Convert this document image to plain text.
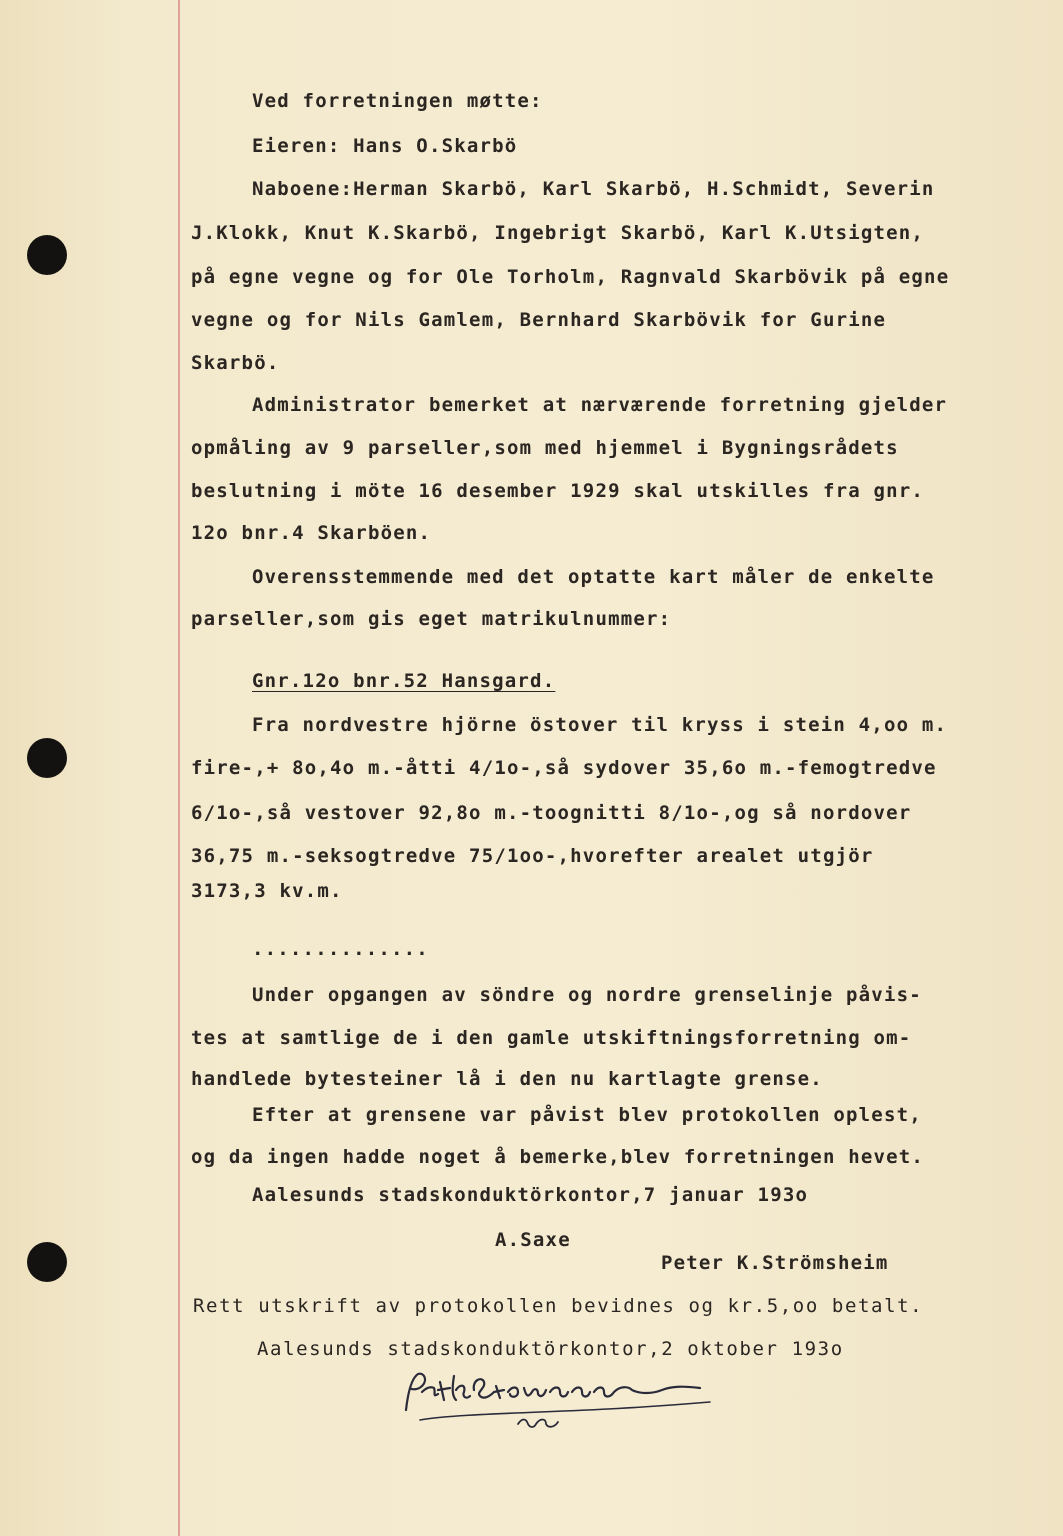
Ved forretningen møtte:
Eieren: Hans O.Skarbö
Naboene:Herman Skarbö, Karl Skarbö, H.Schmidt, Severin
J.Klokk, Knut K.Skarbö, Ingebrigt Skarbö, Karl K.Utsigten,
på egne vegne og for Ole Torholm, Ragnvald Skarbövik på egne
vegne og for Nils Gamlem, Bernhard Skarbövik for Gurine
Skarbö.
Administrator bemerket at nærværende forretning gjelder
opmåling av 9 parseller,som med hjemmel i Bygningsrådets
beslutning i möte 16 desember 1929 skal utskilles fra gnr.
12o bnr.4 Skarböen.
Overensstemmende med det optatte kart måler de enkelte
parseller,som gis eget matrikulnummer:
Gnr.12o bnr.52 Hansgard.
Fra nordvestre hjörne östover til kryss i stein 4,oo m.
fire-,+ 8o,4o m.-åtti 4/1o-,så sydover 35,6o m.-femogtredve
6/1o-,så vestover 92,8o m.-toognitti 8/1o-,og så nordover
36,75 m.-seksogtredve 75/1oo-,hvorefter arealet utgjör
3173,3 kv.m.
..............
Under opgangen av söndre og nordre grenselinje påvis-
tes at samtlige de i den gamle utskiftningsforretning om-
handlede bytesteiner lå i den nu kartlagte grense.
Efter at grensene var påvist blev protokollen oplest,
og da ingen hadde noget å bemerke,blev forretningen hevet.
Aalesunds stadskonduktörkontor,7 januar 193o
A.Saxe
Peter K.Strömsheim
Rett utskrift av protokollen bevidnes og kr.5,oo betalt.
Aalesunds stadskonduktörkontor,2 oktober 193o
